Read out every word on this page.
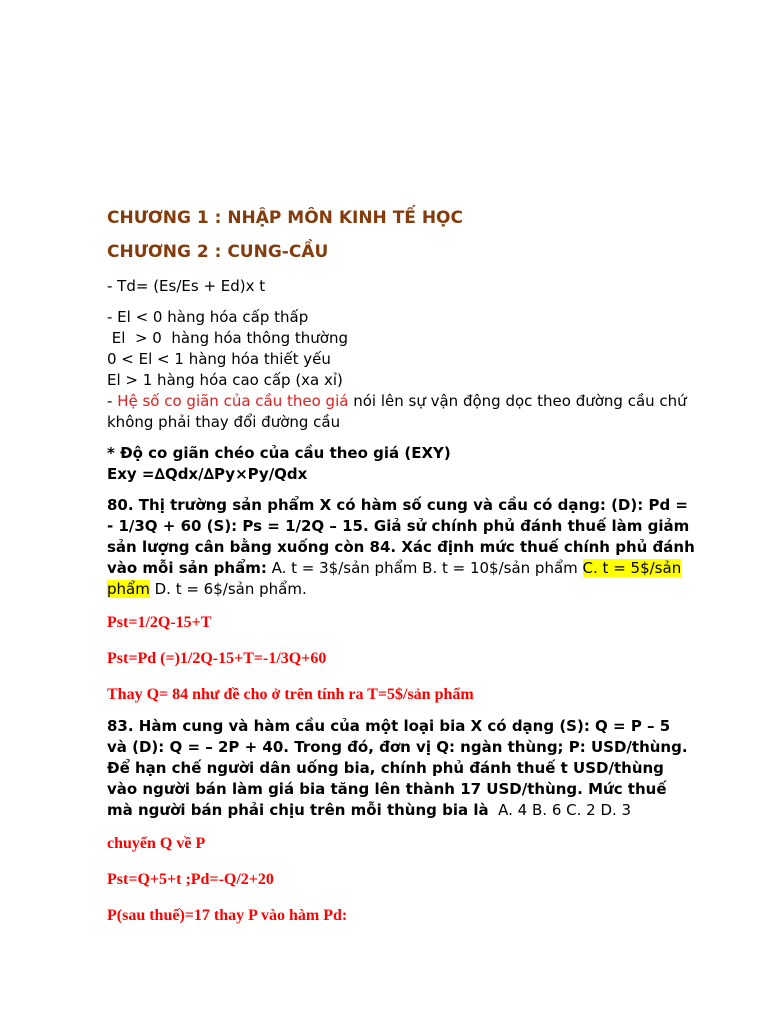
CHƯƠNG 1 : NHẬP MÔN KINH TẾ HỌC

CHƯƠNG 2 : CUNG-CẦU

- Td= (Es/Es + Ed)x t

- El < 0 hàng hóa cấp thấp

El  > 0  hàng hóa thông thường

0 < El < 1 hàng hóa thiết yếu

El > 1 hàng hóa cao cấp (xa xỉ)

- Hệ số co giãn của cầu theo giá nói lên sự vận động dọc theo đường cầu chứ

không phải thay đổi đường cầu

* Độ co giãn chéo của cầu theo giá (EXY)

Exy =∆Qdx/∆Py×Py/Qdx

80. Thị trường sản phẩm X có hàm số cung và cầu có dạng: (D): Pd =

- 1/3Q + 60 (S): Ps = 1/2Q – 15. Giả sử chính phủ đánh thuế làm giảm

sản lượng cân bằng xuống còn 84. Xác định mức thuế chính phủ đánh

vào mỗi sản phẩm: A. t = 3$/sản phẩm B. t = 10$/sản phẩm C. t = 5$/sản

phẩm D. t = 6$/sản phẩm.

Pst=1/2Q-15+T

Pst=Pd (=)1/2Q-15+T=-1/3Q+60

Thay Q= 84 như đề cho ở trên tính ra T=5$/sản phẩm

83. Hàm cung và hàm cầu của một loại bia X có dạng (S): Q = P – 5

và (D): Q = – 2P + 40. Trong đó, đơn vị Q: ngàn thùng; P: USD/thùng.

Để hạn chế người dân uống bia, chính phủ đánh thuế t USD/thùng

vào người bán làm giá bia tăng lên thành 17 USD/thùng. Mức thuế

mà người bán phải chịu trên mỗi thùng bia là  A. 4 B. 6 C. 2 D. 3

chuyển Q về P

Pst=Q+5+t ;Pd=-Q/2+20

P(sau thuế)=17 thay P vào hàm Pd:
